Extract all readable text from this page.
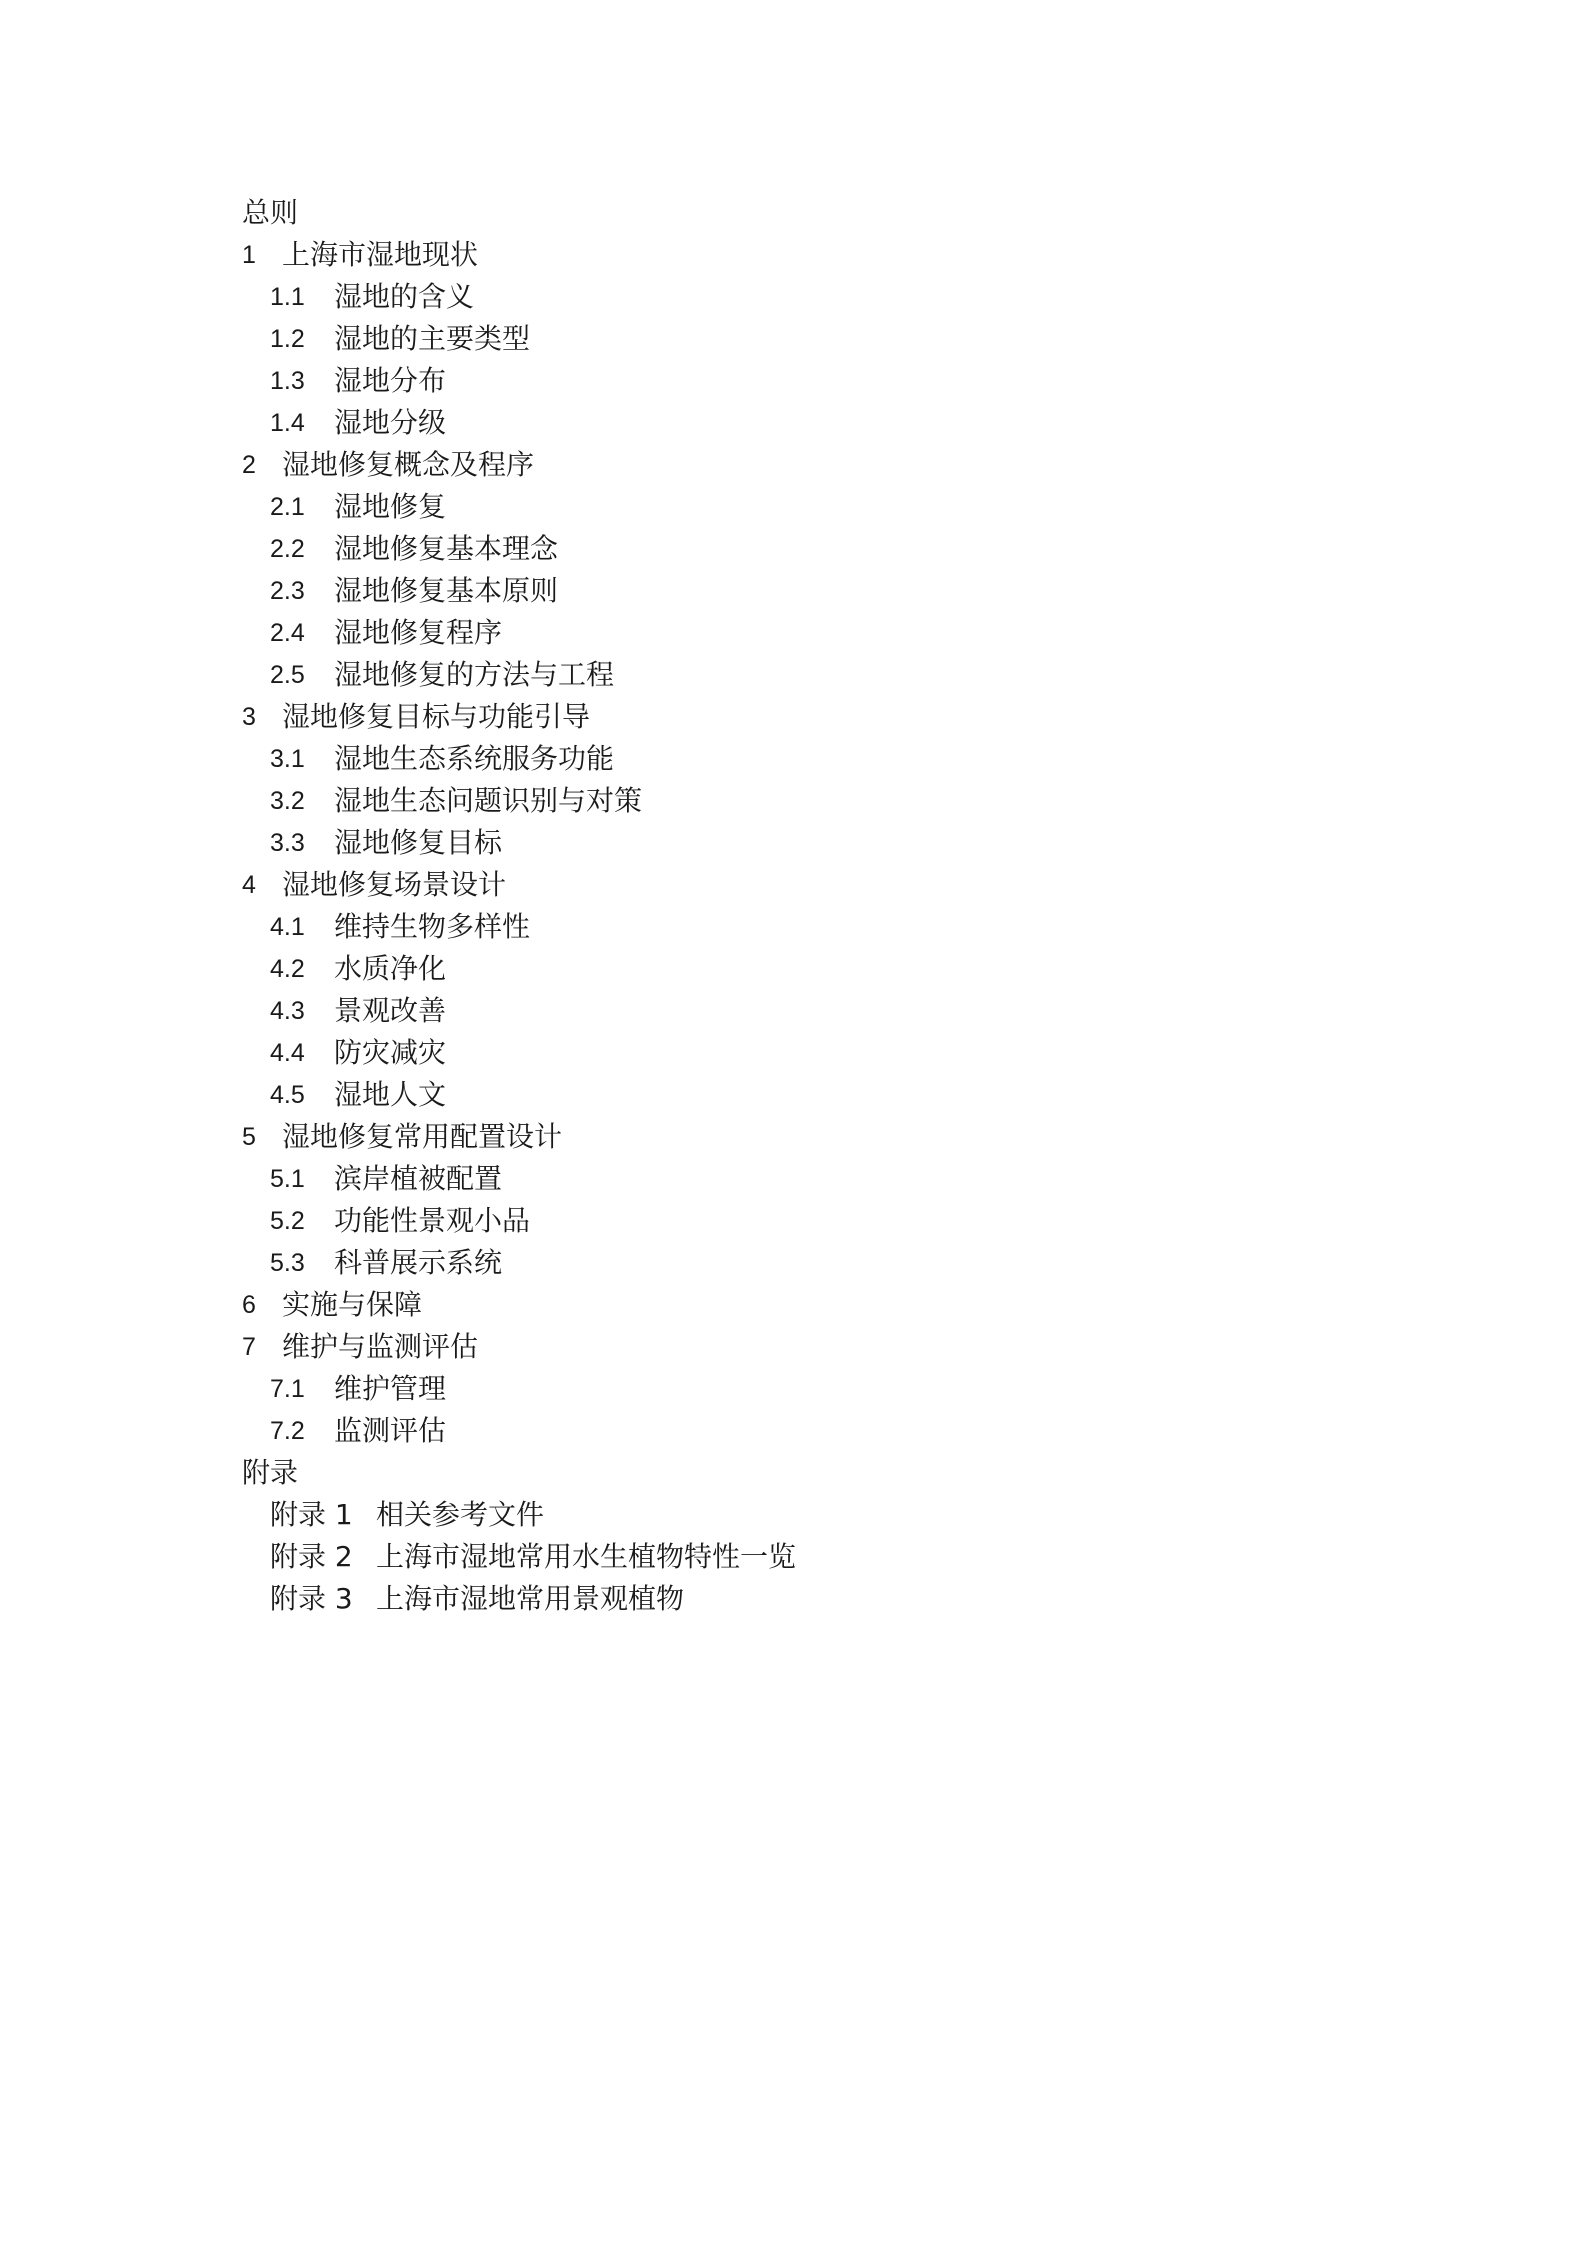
总则
1 上海市湿地现状
1.1	湿地的含义
1.2	湿地的主要类型
1.3	湿地分布
1.4	湿地分级
2 湿地修复概念及程序
2.1	湿地修复
2.2	湿地修复基本理念
2.3	湿地修复基本原则
2.4	湿地修复程序
2.5	湿地修复的方法与工程
3 湿地修复目标与功能引导
3.1	湿地生态系统服务功能
3.2	湿地生态问题识别与对策
3.3	湿地修复目标
4 湿地修复场景设计
4.1	维持生物多样性
4.2	水质净化
4.3	景观改善
4.4	防灾减灾
4.5	湿地人文
5 湿地修复常用配置设计
5.1	滨岸植被配置
5.2	功能性景观小品
5.3	科普展示系统
6 实施与保障
7 维护与监测评估
7.1	维护管理
7.2	监测评估
附录
附录 1 相关参考文件
附录 2 上海市湿地常用水生植物特性一览
附录 3 上海市湿地常用景观植物
